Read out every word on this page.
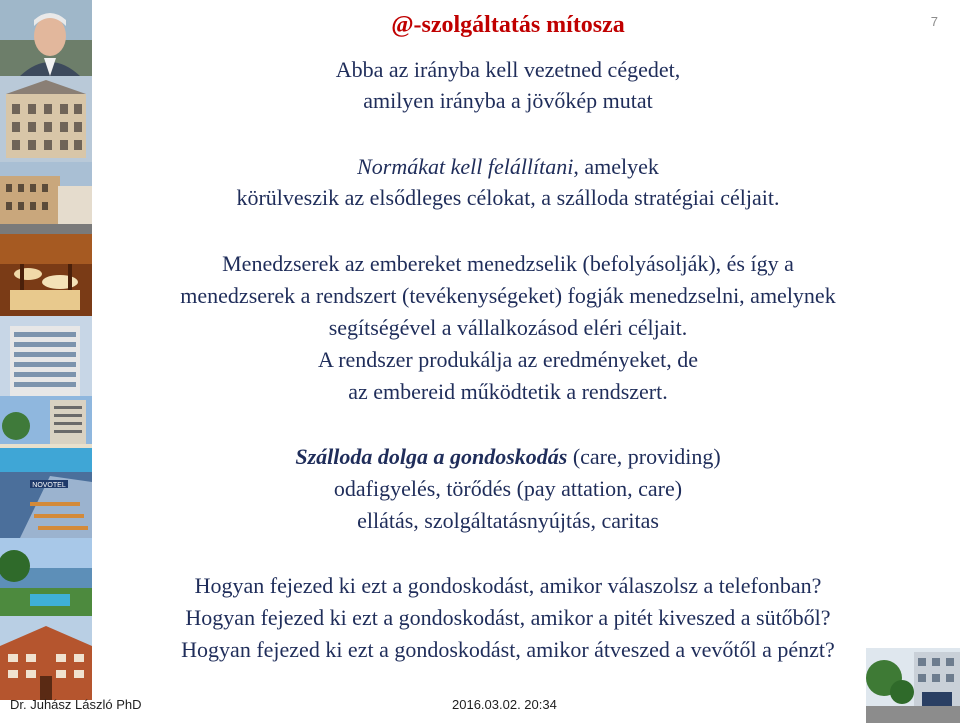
NOVOTEL
@-szolgáltatás mítosza	7
Abba az irányba kell vezetned cégedet,
amilyen irányba a jövőkép mutat
Normákat kell felállítani, amelyek
körülveszik az elsődleges célokat, a szálloda stratégiai céljait.
Menedzserek az embereket menedzselik (befolyásolják), és így a
menedzserek a rendszert (tevékenységeket) fogják menedzselni, amelynek
segítségével a vállalkozásod eléri céljait.
A rendszer produkálja az eredményeket, de
az embereid működtetik a rendszert.
Szálloda dolga a gondoskodás (care, providing)
odafigyelés, törődés (pay attation, care)
ellátás, szolgáltatásnyújtás, caritas
Hogyan fejezed ki ezt a gondoskodást, amikor válaszolsz a telefonban?
Hogyan fejezed ki ezt a gondoskodást, amikor a pitét kiveszed a sütőből?
Hogyan fejezed ki ezt a gondoskodást, amikor átveszed a vevőtől a pénzt?
Dr. Juhász László PhD	2016.03.02. 20:34
